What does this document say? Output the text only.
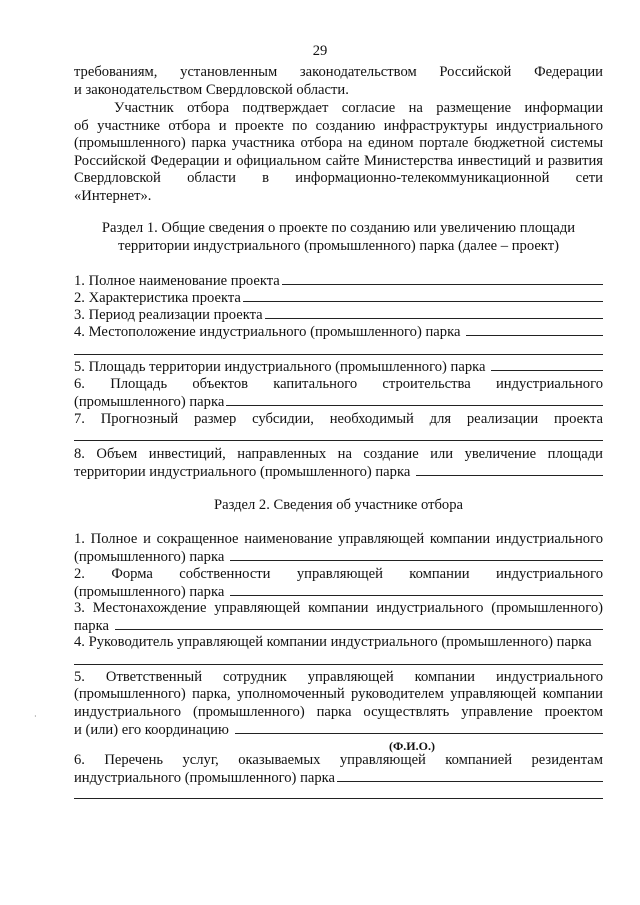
29
требованиям, установленным законодательством Российской Федерации
и законодательством Свердловской области.
Участник отбора подтверждает согласие на размещение информации
об участнике отбора и проекте по созданию инфраструктуры индустриального
(промышленного) парка участника отбора на едином портале бюджетной системы
Российской Федерации и официальном сайте Министерства инвестиций и развития
Свердловской области в информационно-телекоммуникационной сети
«Интернет».
Раздел 1. Общие сведения о проекте по созданию или увеличению площади
территории индустриального (промышленного) парка (далее – проект)
1. Полное наименование проекта
2. Характеристика проекта
3. Период реализации проекта
4. Местоположение индустриального (промышленного) парка
5. Площадь территории индустриального (промышленного) парка
6. Площадь объектов капитального строительства индустриального
(промышленного) парка
7. Прогнозный размер субсидии, необходимый для реализации проекта
8. Объем инвестиций, направленных на создание или увеличение площади
территории индустриального (промышленного) парка
Раздел 2. Сведения об участнике отбора
1. Полное и сокращенное наименование управляющей компании индустриального
(промышленного) парка
2. Форма собственности управляющей компании индустриального
(промышленного) парка
3. Местонахождение управляющей компании индустриального (промышленного)
парка
4. Руководитель управляющей компании индустриального (промышленного) парка
5. Ответственный сотрудник управляющей компании индустриального
(промышленного) парка, уполномоченный руководителем управляющей компании
индустриального (промышленного) парка осуществлять управление проектом
и (или) его координацию
(Ф.И.О.)
6. Перечень услуг, оказываемых управляющей компанией резидентам
индустриального (промышленного) парка
·
